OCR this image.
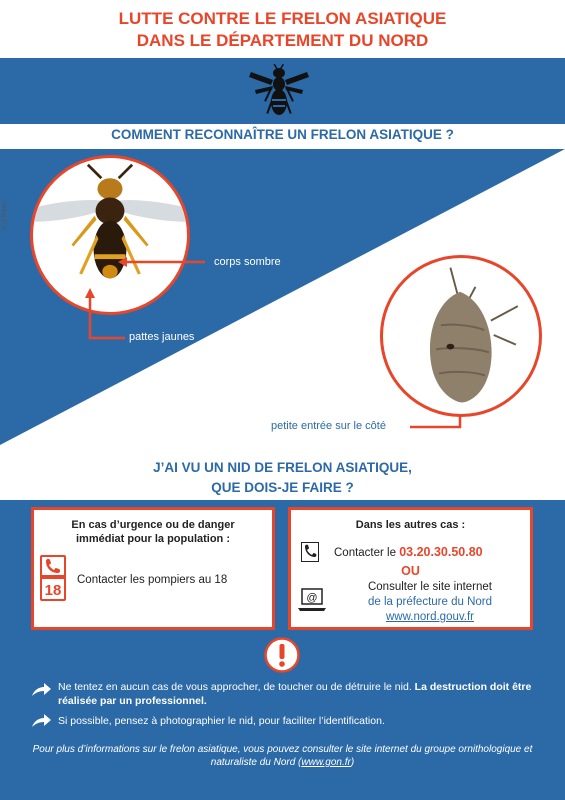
LUTTE CONTRE LE FRELON ASIATIQUE
DANS LE DÉPARTEMENT DU NORD
COMMENT RECONNAÎTRE UN FRELON ASIATIQUE ?
© Q.Rome
corps sombre
pattes jaunes
petite entrée sur le côté
J’AI VU UN NID DE FRELON ASIATIQUE,
QUE DOIS-JE FAIRE ?
En cas d’urgence ou de danger
immédiat pour la population :
18
Contacter les pompiers au 18
Dans les autres cas :
Contacter le 03.20.30.50.80
OU
@
Consulter le site internet
de la préfecture du Nord
www.nord.gouv.fr
Ne tentez en aucun cas de vous approcher, de toucher ou de détruire le nid. La destruction doit être réalisée par un professionnel.
Si possible, pensez à photographier le nid, pour faciliter l’identification.
Pour plus d’informations sur le frelon asiatique, vous pouvez consulter le site internet du groupe ornithologique et naturaliste du Nord (www.gon.fr)
